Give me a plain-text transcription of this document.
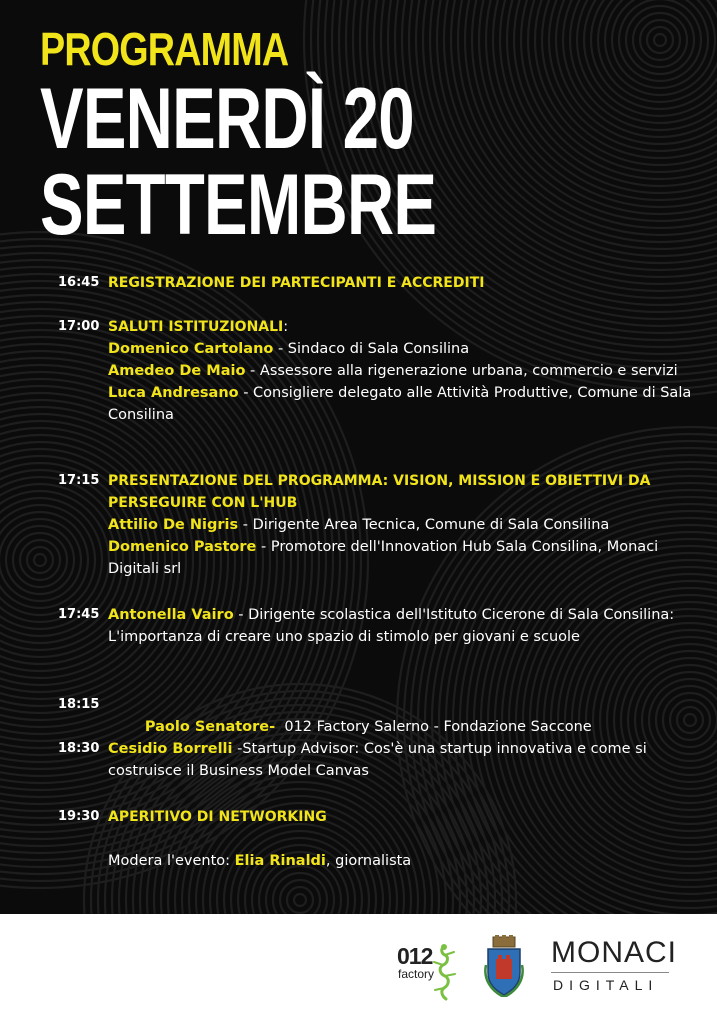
PROGRAMMA
VENERDÌ 20
SETTEMBRE
16:45 REGISTRAZIONE DEI PARTECIPANTI E ACCREDITI
17:00 SALUTI ISTITUZIONALI:
Domenico Cartolano - Sindaco di Sala Consilina
Amedeo De Maio - Assessore alla rigenerazione urbana, commercio e servizi
Luca Andresano - Consigliere delegato alle Attività Produttive, Comune di Sala Consilina
17:15 PRESENTAZIONE DEL PROGRAMMA: VISION, MISSION E OBIETTIVI DA PERSEGUIRE CON L'HUB
Attilio De Nigris - Dirigente Area Tecnica, Comune di Sala Consilina
Domenico Pastore - Promotore dell'Innovation Hub Sala Consilina, Monaci Digitali srl
17:45 Antonella Vairo - Dirigente scolastica dell'Istituto Cicerone di Sala Consilina: L'importanza di creare uno spazio di stimolo per giovani e scuole
18:15

Paolo Senatore-  012 Factory Salerno - Fondazione Saccone

18:30 Cesidio Borrelli -Startup Advisor: Cos'è una startup innovativa e come si costruisce il Business Model Canvas
19:30 APERITIVO DI NETWORKING
Modera l'evento: Elia Rinaldi, giornalista
012
factory
MONACI
DIGITALI
